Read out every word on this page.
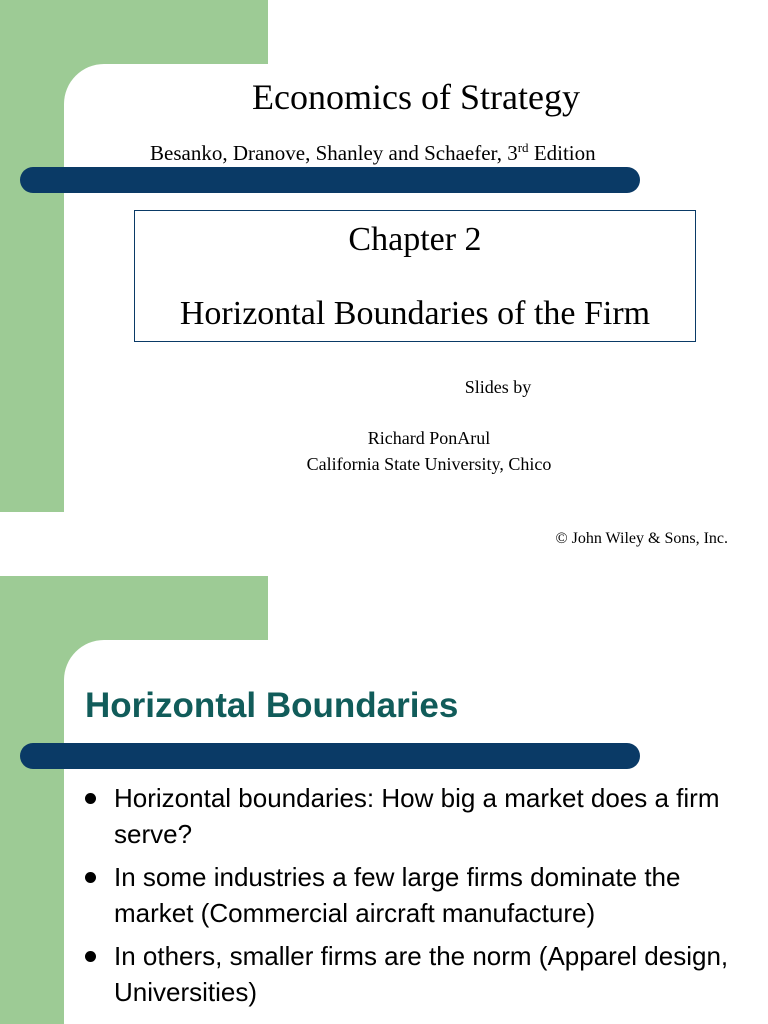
Economics of Strategy
Besanko, Dranove, Shanley and Schaefer, 3rd Edition
Chapter 2
Horizontal Boundaries of the Firm
Slides by
Richard PonArul
California State University, Chico
© John Wiley & Sons, Inc.
Horizontal Boundaries
Horizontal boundaries: How big a market does a firm serve?
In some industries a few large firms dominate the market (Commercial aircraft manufacture)
In others, smaller firms are the norm (Apparel design, Universities)
